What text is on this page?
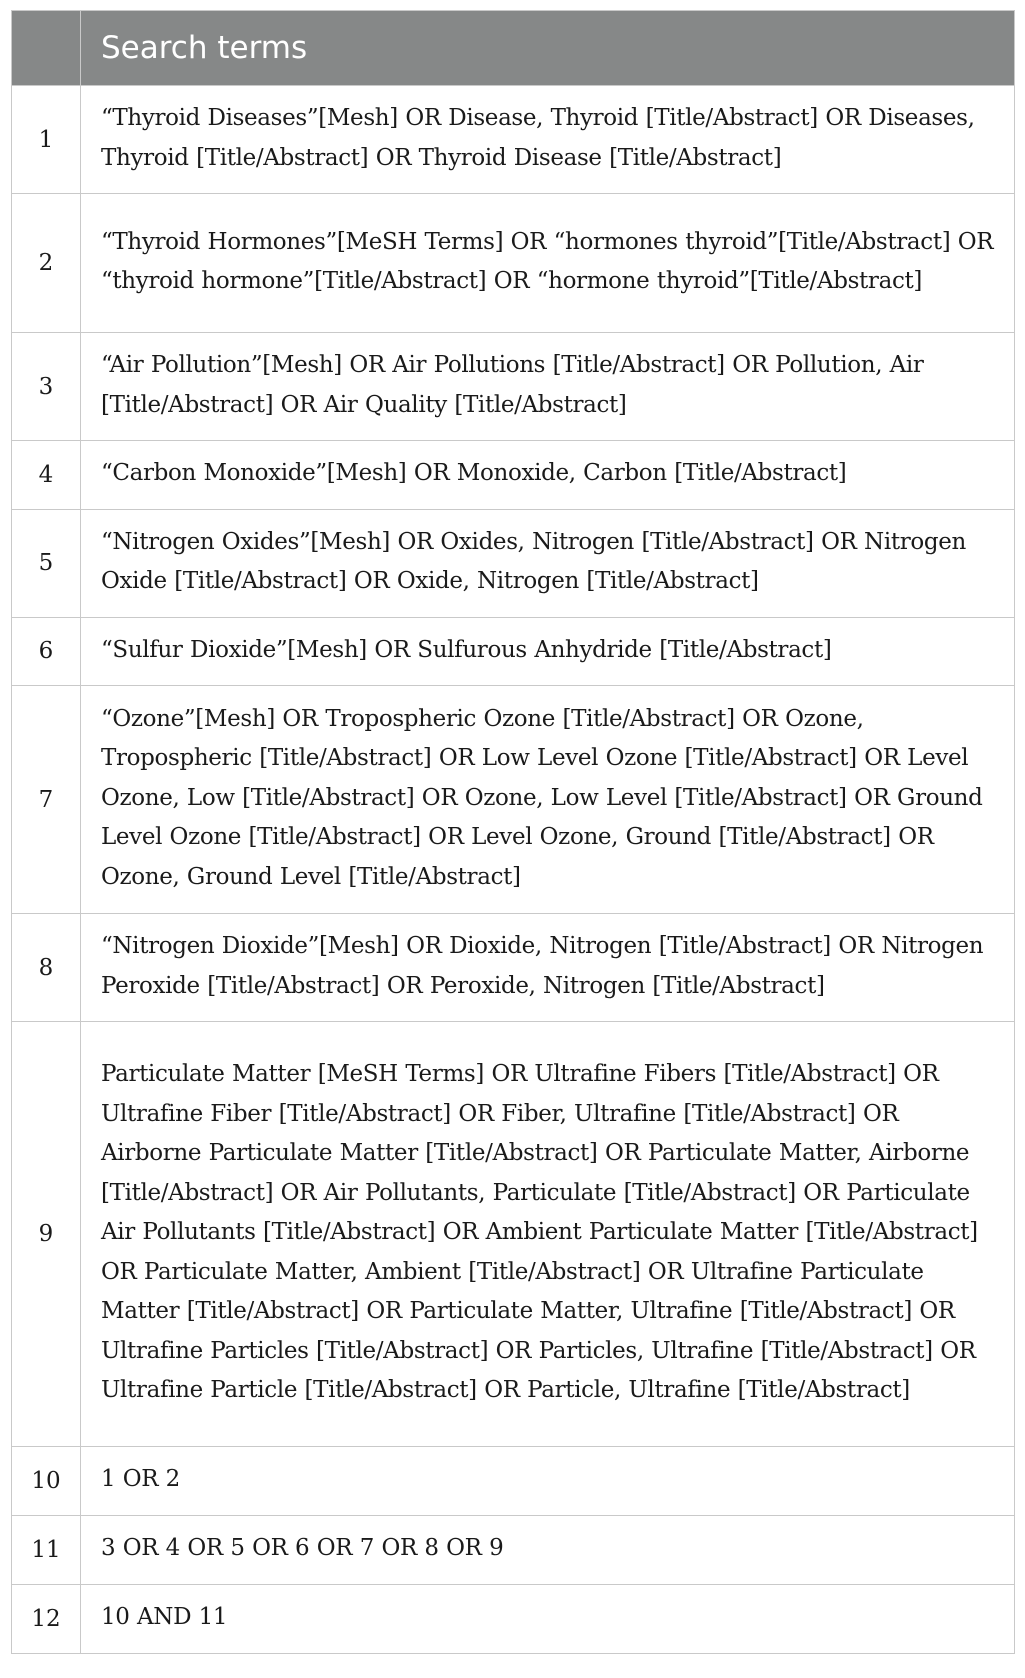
	Search terms
1	“Thyroid Diseases”[Mesh] OR Disease, Thyroid [Title/Abstract] OR Diseases, Thyroid [Title/Abstract] OR Thyroid Disease [Title/Abstract]
2	“Thyroid Hormones”[MeSH Terms] OR “hormones thyroid”[Title/Abstract] OR “thyroid hormone”[Title/Abstract] OR “hormone thyroid”[Title/Abstract]
3	“Air Pollution”[Mesh] OR Air Pollutions [Title/Abstract] OR Pollution, Air [Title/Abstract] OR Air Quality [Title/Abstract]
4	“Carbon Monoxide”[Mesh] OR Monoxide, Carbon [Title/Abstract]
5	“Nitrogen Oxides”[Mesh] OR Oxides, Nitrogen [Title/Abstract] OR Nitrogen Oxide [Title/Abstract] OR Oxide, Nitrogen [Title/Abstract]
6	“Sulfur Dioxide”[Mesh] OR Sulfurous Anhydride [Title/Abstract]
7	“Ozone”[Mesh] OR Tropospheric Ozone [Title/Abstract] OR Ozone, Tropospheric [Title/Abstract] OR Low Level Ozone [Title/Abstract] OR Level Ozone, Low [Title/Abstract] OR Ozone, Low Level [Title/Abstract] OR Ground Level Ozone [Title/Abstract] OR Level Ozone, Ground [Title/Abstract] OR Ozone, Ground Level [Title/Abstract]
8	“Nitrogen Dioxide”[Mesh] OR Dioxide, Nitrogen [Title/Abstract] OR Nitrogen Peroxide [Title/Abstract] OR Peroxide, Nitrogen [Title/Abstract]
9	Particulate Matter [MeSH Terms] OR Ultrafine Fibers [Title/Abstract] OR Ultrafine Fiber [Title/Abstract] OR Fiber, Ultrafine [Title/Abstract] OR Airborne Particulate Matter [Title/Abstract] OR Particulate Matter, Airborne [Title/Abstract] OR Air Pollutants, Particulate [Title/Abstract] OR Particulate Air Pollutants [Title/Abstract] OR Ambient Particulate Matter [Title/Abstract] OR Particulate Matter, Ambient [Title/Abstract] OR Ultrafine Particulate Matter [Title/Abstract] OR Particulate Matter, Ultrafine [Title/Abstract] OR Ultrafine Particles [Title/Abstract] OR Particles, Ultrafine [Title/Abstract] OR Ultrafine Particle [Title/Abstract] OR Particle, Ultrafine [Title/Abstract]
10	1 OR 2
11	3 OR 4 OR 5 OR 6 OR 7 OR 8 OR 9
12	10 AND 11
